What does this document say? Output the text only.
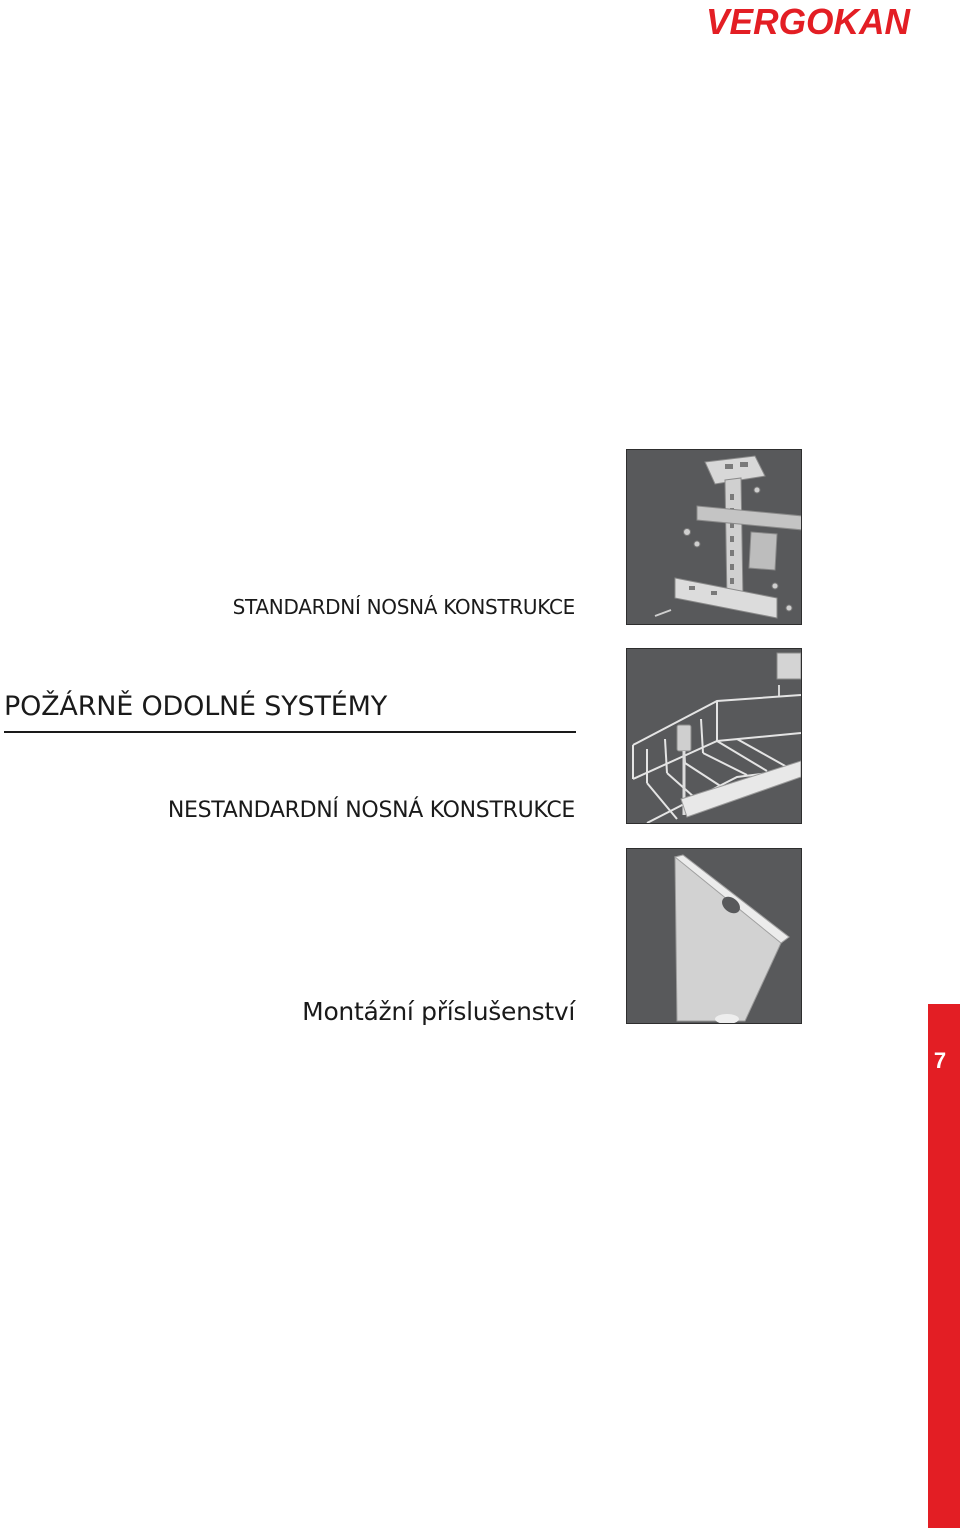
VERGOKAN
STANDARDNÍ NOSNÁ KONSTRUKCE
POŽÁRNĚ ODOLNÉ SYSTÉMY
NESTANDARDNÍ NOSNÁ KONSTRUKCE
Montážní příslušenství
7
